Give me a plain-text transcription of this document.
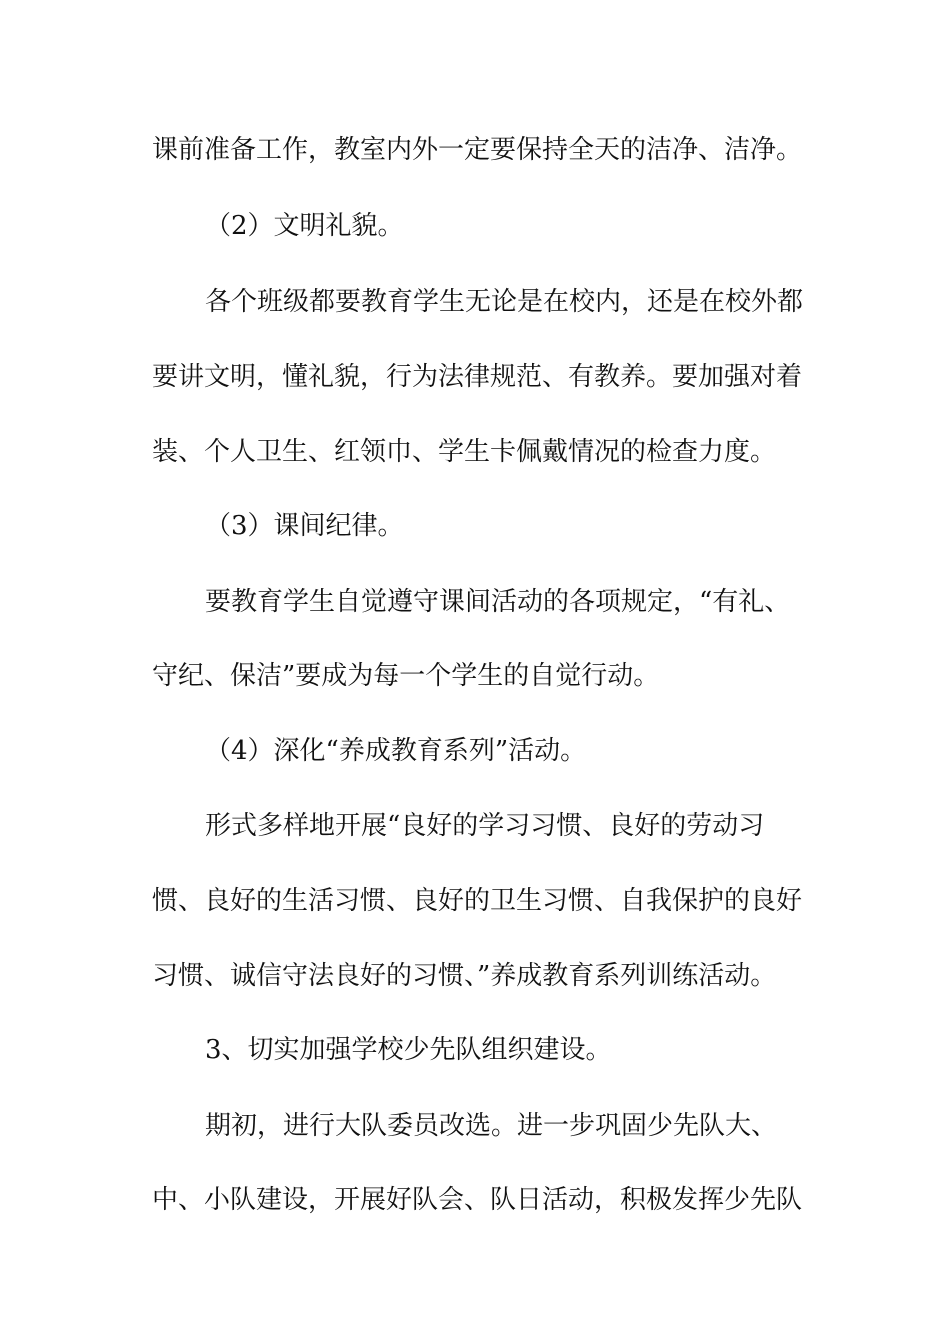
课前准备工作，教室内外一定要保持全天的洁净、洁净。
（2）文明礼貌。
各个班级都要教育学生无论是在校内，还是在校外都
要讲文明，懂礼貌，行为法律规范、有教养。要加强对着
装、个人卫生、红领巾、学生卡佩戴情况的检查力度。
（3）课间纪律。
要教育学生自觉遵守课间活动的各项规定，“有礼、
守纪、保洁”要成为每一个学生的自觉行动。
（4）深化“养成教育系列”活动。
形式多样地开展“良好的学习习惯、良好的劳动习
惯、良好的生活习惯、良好的卫生习惯、自我保护的良好
习惯、诚信守法良好的习惯、”养成教育系列训练活动。
3、切实加强学校少先队组织建设。
期初，进行大队委员改选。进一步巩固少先队大、
中、小队建设，开展好队会、队日活动，积极发挥少先队
